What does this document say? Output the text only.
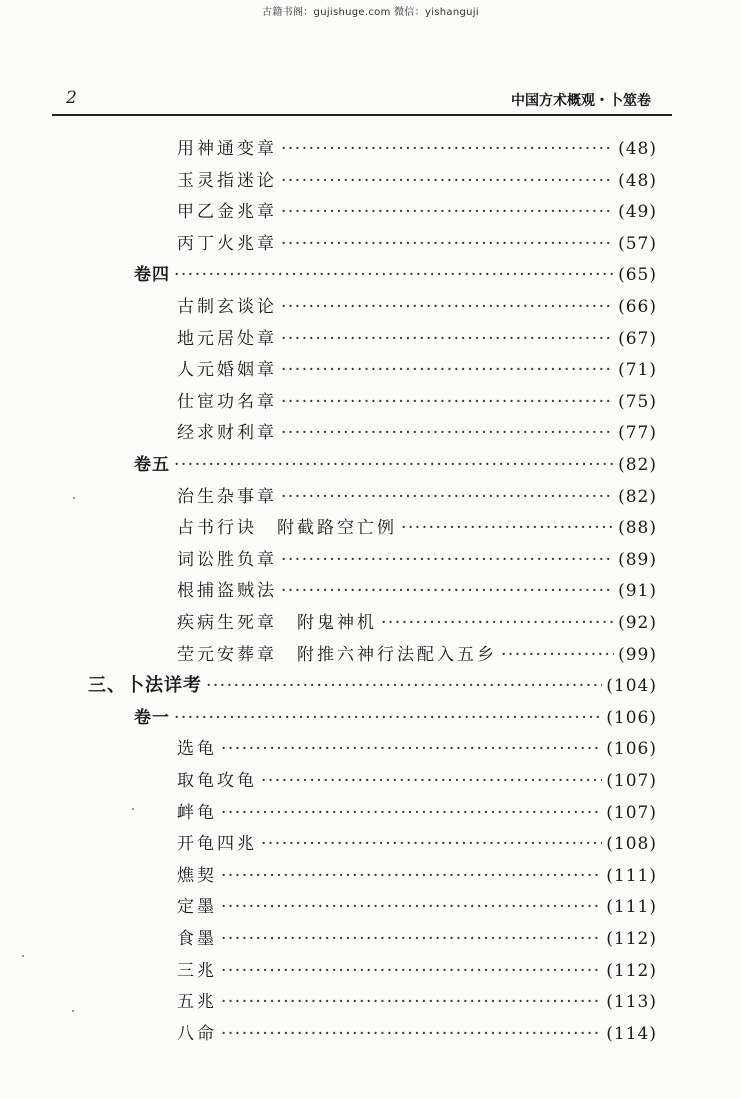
古籍书阁：gujishuge.com 微信：yishanguji
2	中国方术概观・卜筮卷
用神通变章 ·····	(48)
玉灵指迷论 ·····	(48)
甲乙金兆章 ·····	(49)
丙丁火兆章 ·····	(57)
卷四 ·····	(65)
古制玄谈论 ·····	(66)
地元居处章 ·····	(67)
人元婚姻章 ·····	(71)
仕宦功名章 ·····	(75)
经求财利章 ·····	(77)
卷五 ·····	(82)
治生杂事章 ·····	(82)
占书行诀　附截路空亡例 ·····	(88)
词讼胜负章 ·····	(89)
根捕盗贼法 ·····	(91)
疾病生死章　附鬼神机 ·····	(92)
茔元安葬章　附推六神行法配入五乡 ·····	(99)
三、卜法详考 ·····	(104)
卷一 ·····	(106)
选龟 ·····	(106)
取龟攻龟 ·····	(107)
衅龟 ·····	(107)
开龟四兆 ·····	(108)
燋契 ·····	(111)
定墨 ·····	(111)
食墨 ·····	(112)
三兆 ·····	(112)
五兆 ·····	(113)
八命 ·····	(114)
